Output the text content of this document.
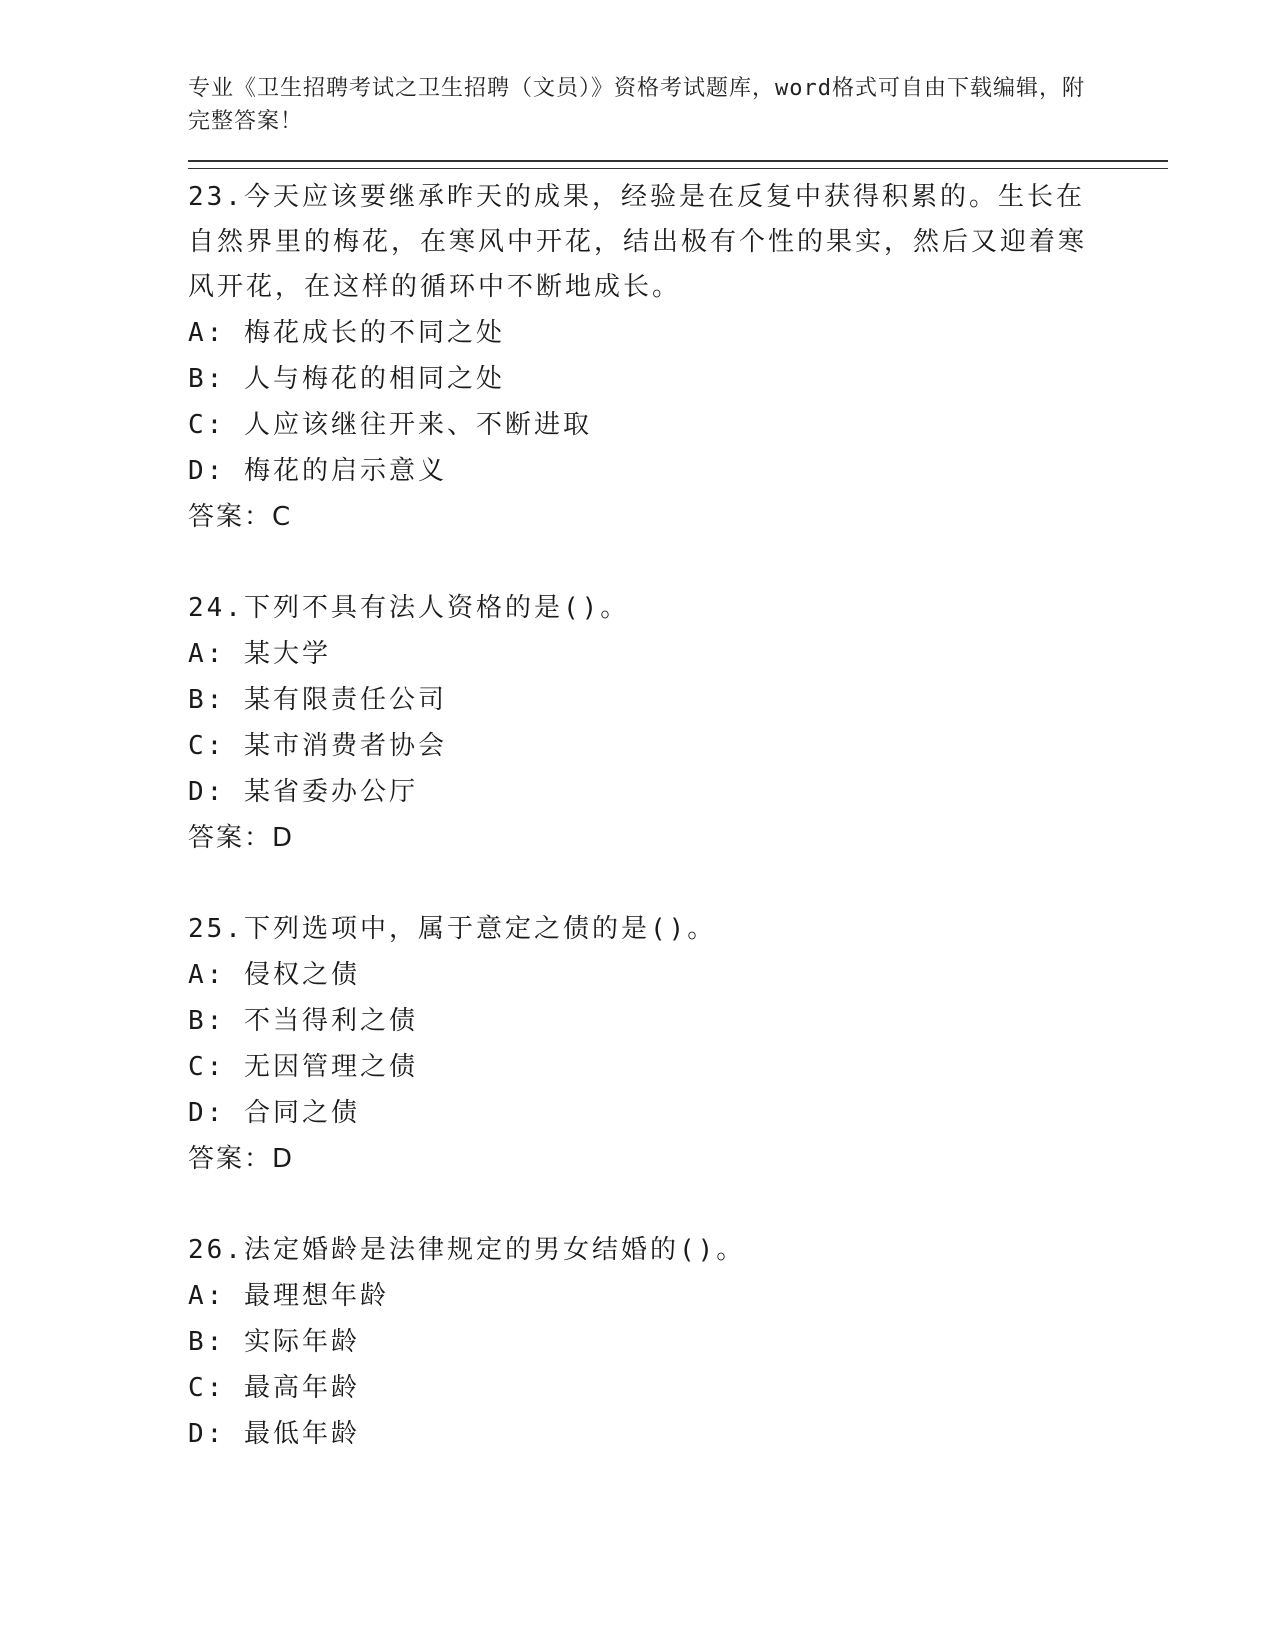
专业《卫生招聘考试之卫生招聘（文员）》资格考试题库，word格式可自由下载编辑，附完整答案！
23.今天应该要继承昨天的成果，经验是在反复中获得积累的。生长在自然界里的梅花，在寒风中开花，结出极有个性的果实，然后又迎着寒风开花，在这样的循环中不断地成长。
A: 梅花成长的不同之处
B: 人与梅花的相同之处
C: 人应该继往开来、不断进取
D: 梅花的启示意义
答案：C
24.下列不具有法人资格的是()。
A: 某大学
B: 某有限责任公司
C: 某市消费者协会
D: 某省委办公厅
答案：D
25.下列选项中，属于意定之债的是()。
A: 侵权之债
B: 不当得利之债
C: 无因管理之债
D: 合同之债
答案：D
26.法定婚龄是法律规定的男女结婚的()。
A: 最理想年龄
B: 实际年龄
C: 最高年龄
D: 最低年龄
